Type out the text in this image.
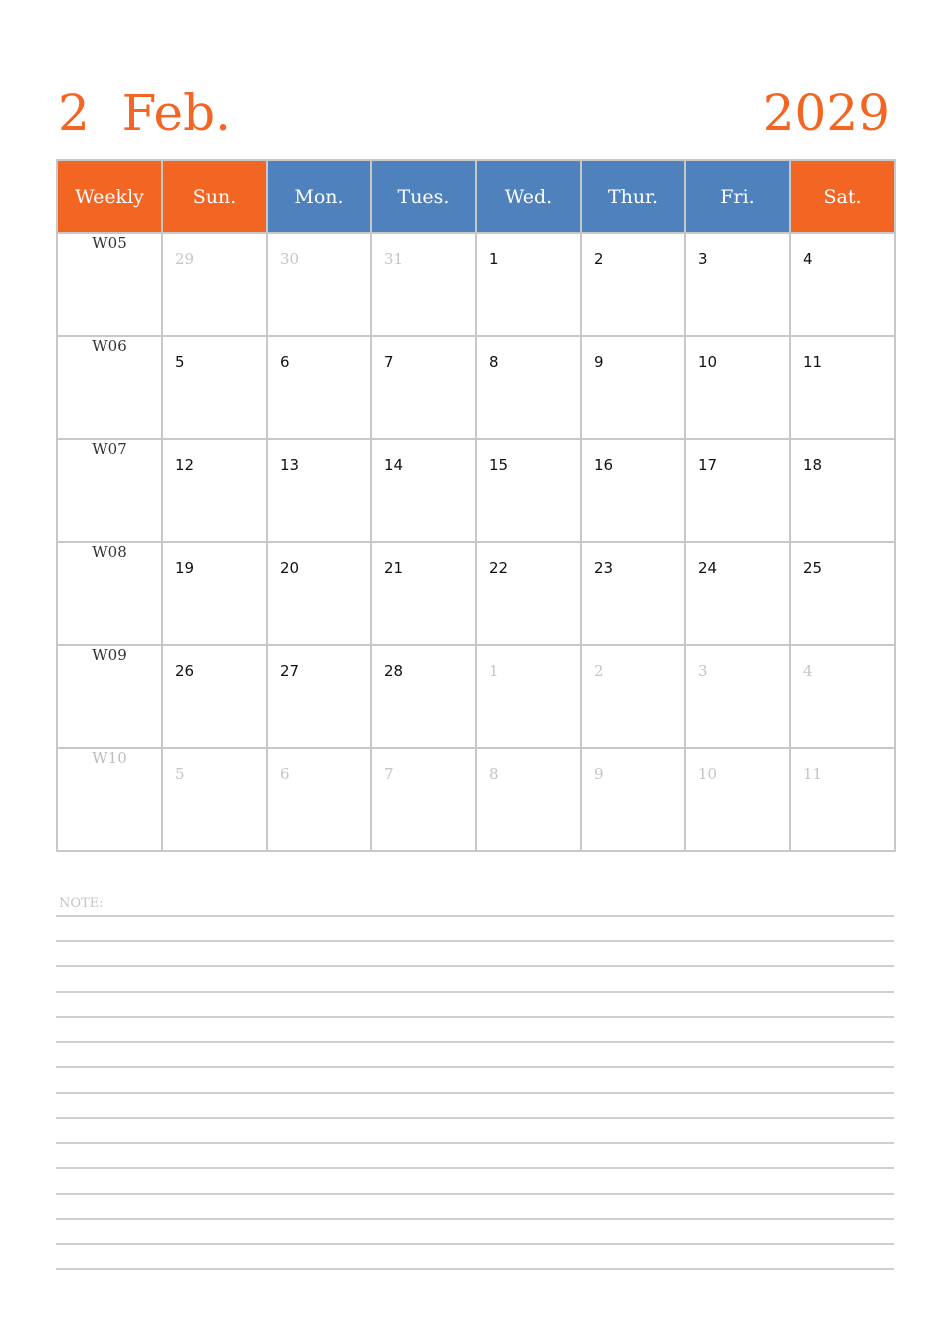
2  Feb.	2029
Weekly	Sun.	Mon.	Tues.	Wed.	Thur.	Fri.	Sat.
W05	29	30	31	1	2	3	4

W06	5	6	7	8	9	10	11

W07	12	13	14	15	16	17	18

W08	19	20	21	22	23	24	25

W09	26	27	28	1	2	3	4

W10	5	6	7	8	9	10	11
NOTE:
